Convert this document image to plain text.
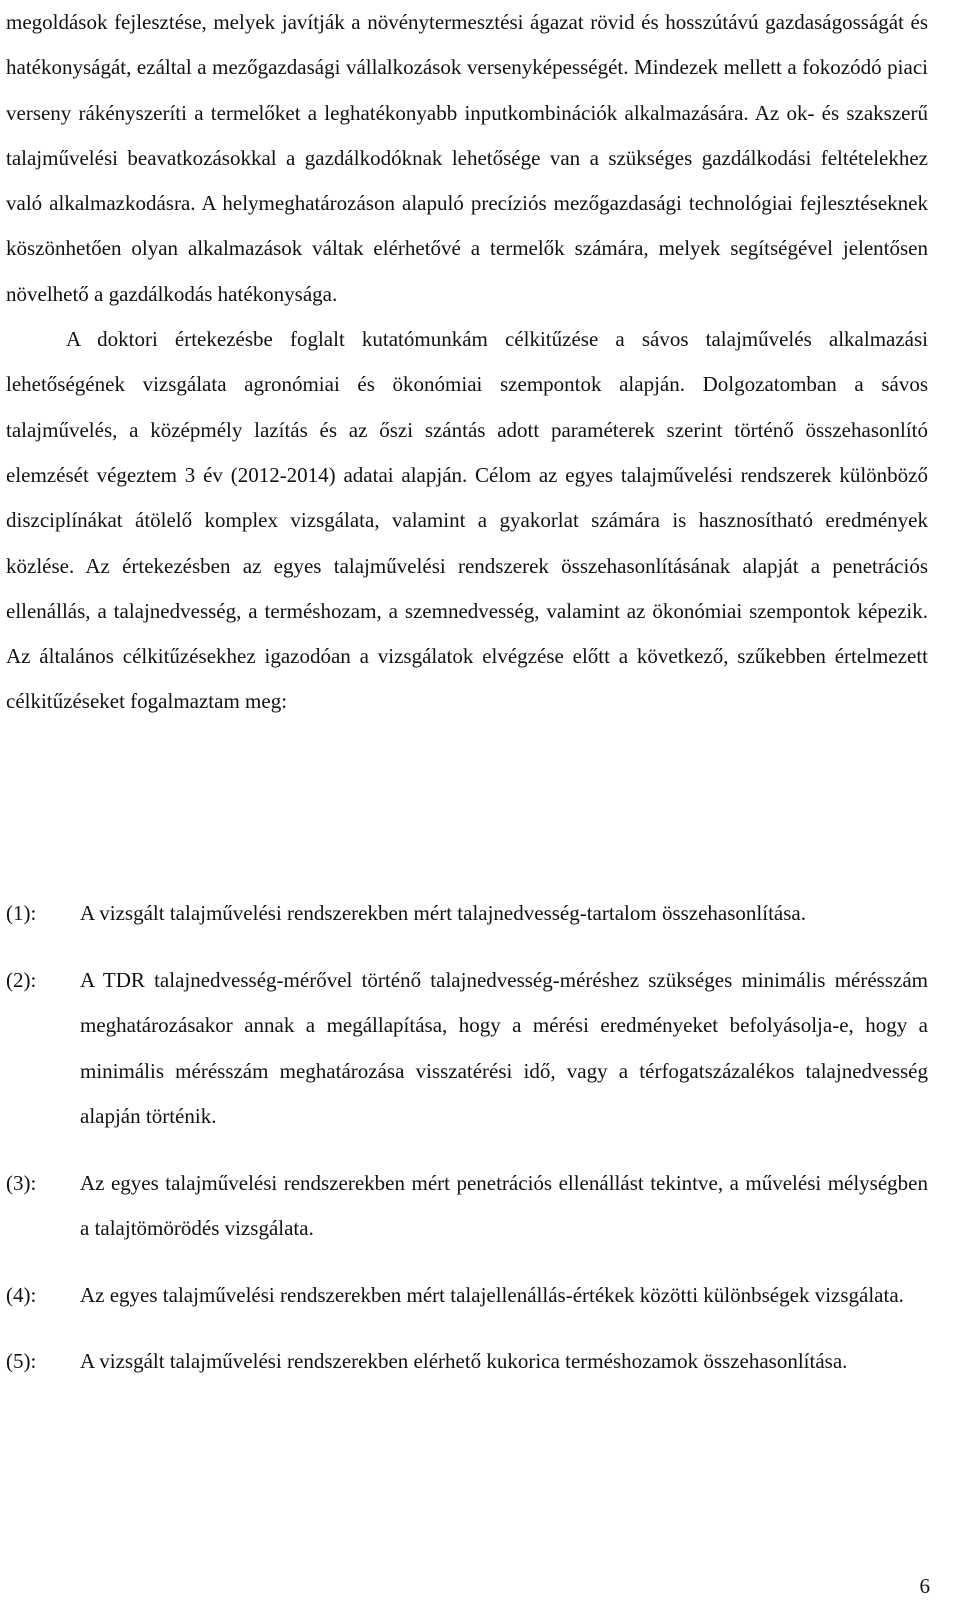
megoldások fejlesztése, melyek javítják a növénytermesztési ágazat rövid és hosszútávú gazdaságosságát és hatékonyságát, ezáltal a mezőgazdasági vállalkozások versenyképességét. Mindezek mellett a fokozódó piaci verseny rákényszeríti a termelőket a leghatékonyabb inputkombinációk alkalmazására. Az ok- és szakszerű talajművelési beavatkozásokkal a gazdálkodóknak lehetősége van a szükséges gazdálkodási feltételekhez való alkalmazkodásra. A helymeghatározáson alapuló precíziós mezőgazdasági technológiai fejlesztéseknek köszönhetően olyan alkalmazások váltak elérhetővé a termelők számára, melyek segítségével jelentősen növelhető a gazdálkodás hatékonysága.

A doktori értekezésbe foglalt kutatómunkám célkitűzése a sávos talajművelés alkalmazási lehetőségének vizsgálata agronómiai és ökonómiai szempontok alapján. Dolgozatomban a sávos talajművelés, a középmély lazítás és az őszi szántás adott paraméterek szerint történő összehasonlító elemzését végeztem 3 év (2012-2014) adatai alapján. Célom az egyes talajművelési rendszerek különböző diszciplínákat átölelő komplex vizsgálata, valamint a gyakorlat számára is hasznosítható eredmények közlése. Az értekezésben az egyes talajművelési rendszerek összehasonlításának alapját a penetrációs ellenállás, a talajnedvesség, a terméshozam, a szemnedvesség, valamint az ökonómiai szempontok képezik. Az általános célkitűzésekhez igazodóan a vizsgálatok elvégzése előtt a következő, szűkebben értelmezett célkitűzéseket fogalmaztam meg:

(1):	A vizsgált talajművelési rendszerekben mért talajnedvesség-tartalom összehasonlítása.
(2):	A TDR talajnedvesség-mérővel történő talajnedvesség-méréshez szükséges minimális mérésszám meghatározásakor annak a megállapítása, hogy a mérési eredményeket befolyásolja-e, hogy a minimális mérésszám meghatározása visszatérési idő, vagy a térfogatszázalékos talajnedvesség alapján történik.
(3):	Az egyes talajművelési rendszerekben mért penetrációs ellenállást tekintve, a művelési mélységben a talajtömörödés vizsgálata.
(4):	Az egyes talajművelési rendszerekben mért talajellenállás-értékek közötti különbségek vizsgálata.
(5):	A vizsgált talajművelési rendszerekben elérhető kukorica terméshozamok összehasonlítása.
6
